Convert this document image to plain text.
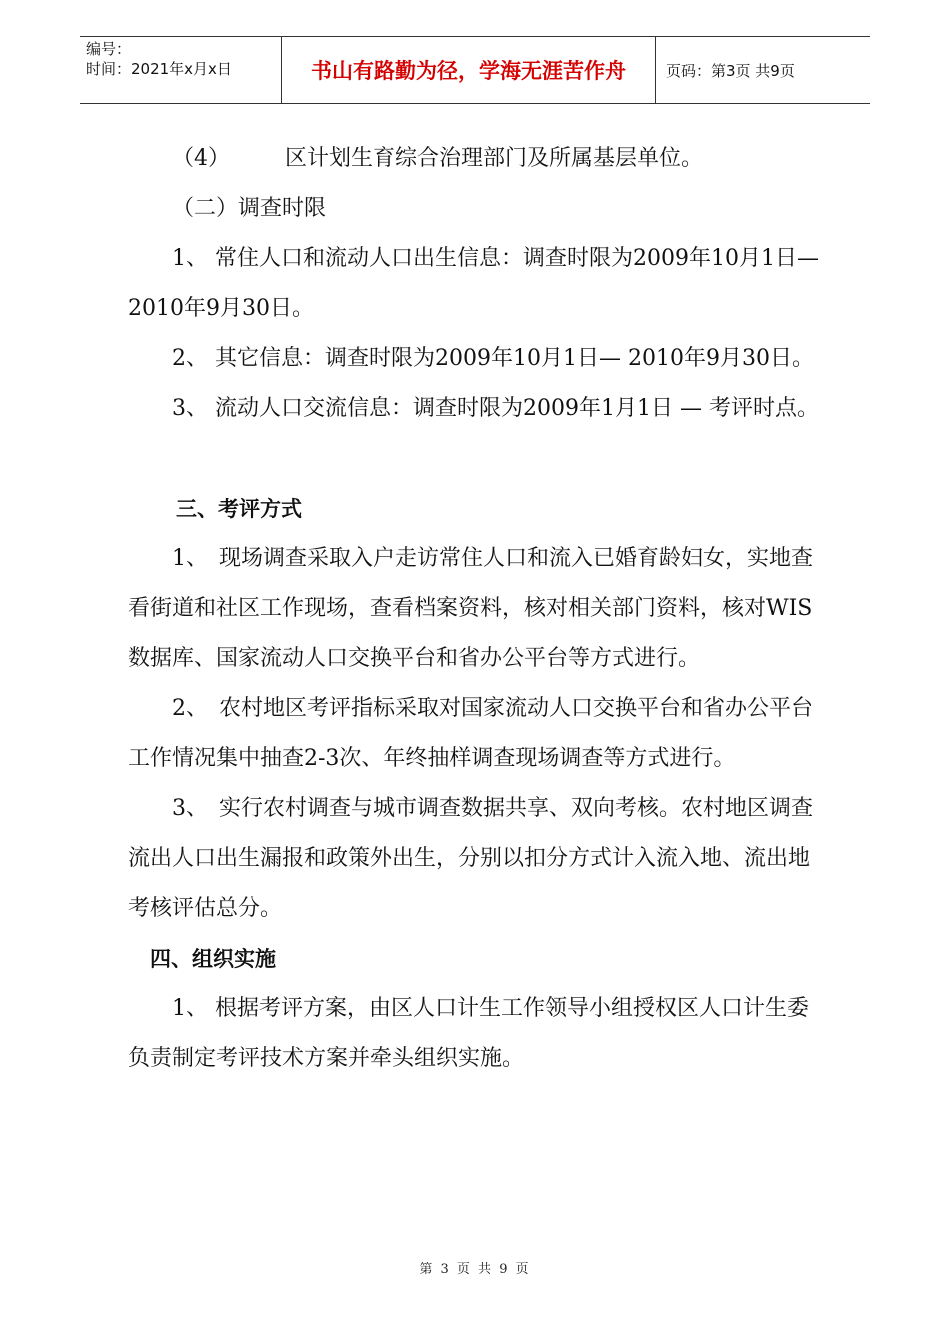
编号：
时间：2021年x月x日	书山有路勤为径，学海无涯苦作舟	页码：第3页 共9页

（4）　　　区计划生育综合治理部门及所属基层单位。

（二）调查时限

1、 常住人口和流动人口出生信息：调查时限为2009年10月1日— 2010年9月30日。

2、 其它信息：调查时限为2009年10月1日— 2010年9月30日。

3、 流动人口交流信息：调查时限为2009年1月1日 — 考评时点。

三、考评方式

1、　现场调查采取入户走访常住人口和流入已婚育龄妇女，实地查看街道和社区工作现场，查看档案资料，核对相关部门资料，核对WIS数据库、国家流动人口交换平台和省办公平台等方式进行。

2、　农村地区考评指标采取对国家流动人口交换平台和省办公平台工作情况集中抽查2-3次、年终抽样调查现场调查等方式进行。

3、　实行农村调查与城市调查数据共享、双向考核。农村地区调查流出人口出生漏报和政策外出生，分别以扣分方式计入流入地、流出地考核评估总分。

四、组织实施

1、 根据考评方案，由区人口计生工作领导小组授权区人口计生委负责制定考评技术方案并牵头组织实施。

第 3 页 共 9 页
